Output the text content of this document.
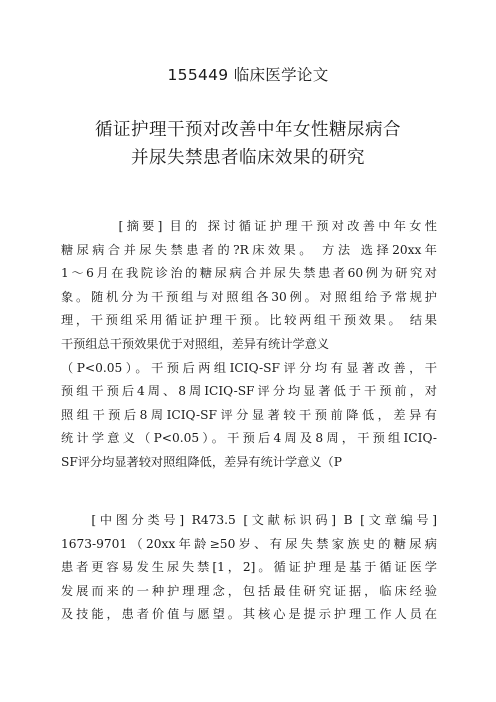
155449 临床医学论文
循证护理干预对改善中年女性糖尿病合
并尿失禁患者临床效果的研究
[摘要] 目的 探讨循证护理干预对改善中年女性
糖尿病合并尿失禁患者的?R床效果。 方法 选择20xx年
1～6月在我院诊治的糖尿病合并尿失禁患者60例为研究对
象。随机分为干预组与对照组各30例。对照组给予常规护
理，干预组采用循证护理干预。比较两组干预效果。 结果
干预组总干预效果优于对照组，差异有统计学意义
（P<0.05）。干预后两组ICIQ-SF评分均有显著改善，干
预组干预后4周、8周ICIQ-SF评分均显著低于干预前，对
照组干预后8周ICIQ-SF评分显著较干预前降低，差异有
统计学意义（P<0.05）。干预后4周及8周，干预组ICIQ-
SF评分均显著较对照组降低，差异有统计学意义（P
[中图分类号] R473.5 [文献标识码] B [文章编号]
1673-9701（20xx年龄≥50岁、有尿失禁家族史的糖尿病
患者更容易发生尿失禁[1，2]。循证护理是基于循证医学
发展而来的一种护理理念，包括最佳研究证据，临床经验
及技能，患者价值与愿望。其核心是提示护理工作人员在
